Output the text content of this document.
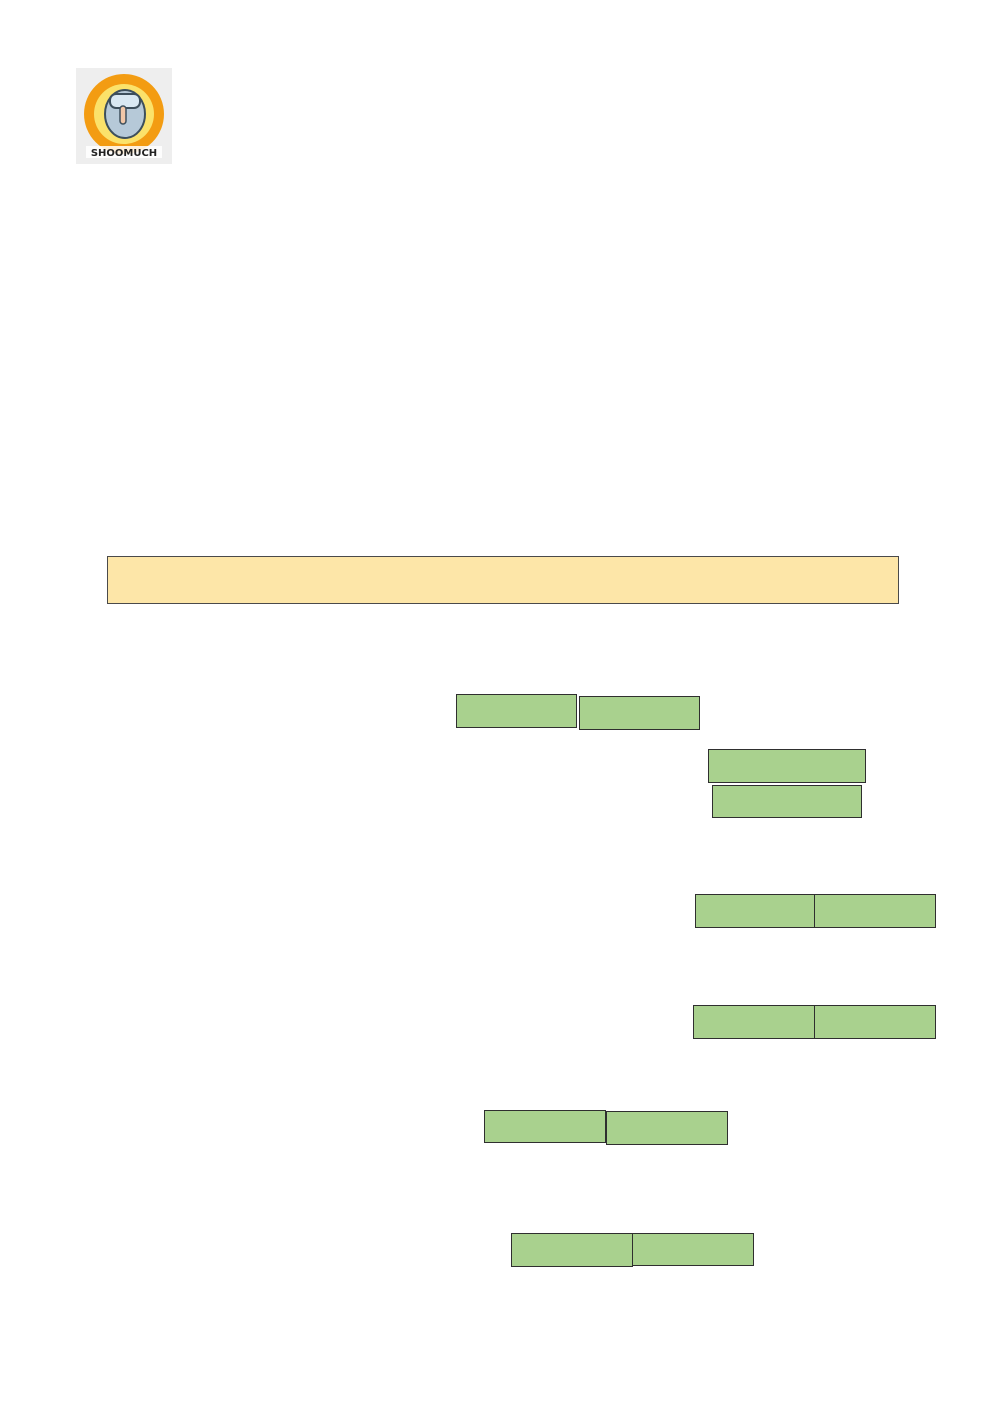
SHOOMUCH
